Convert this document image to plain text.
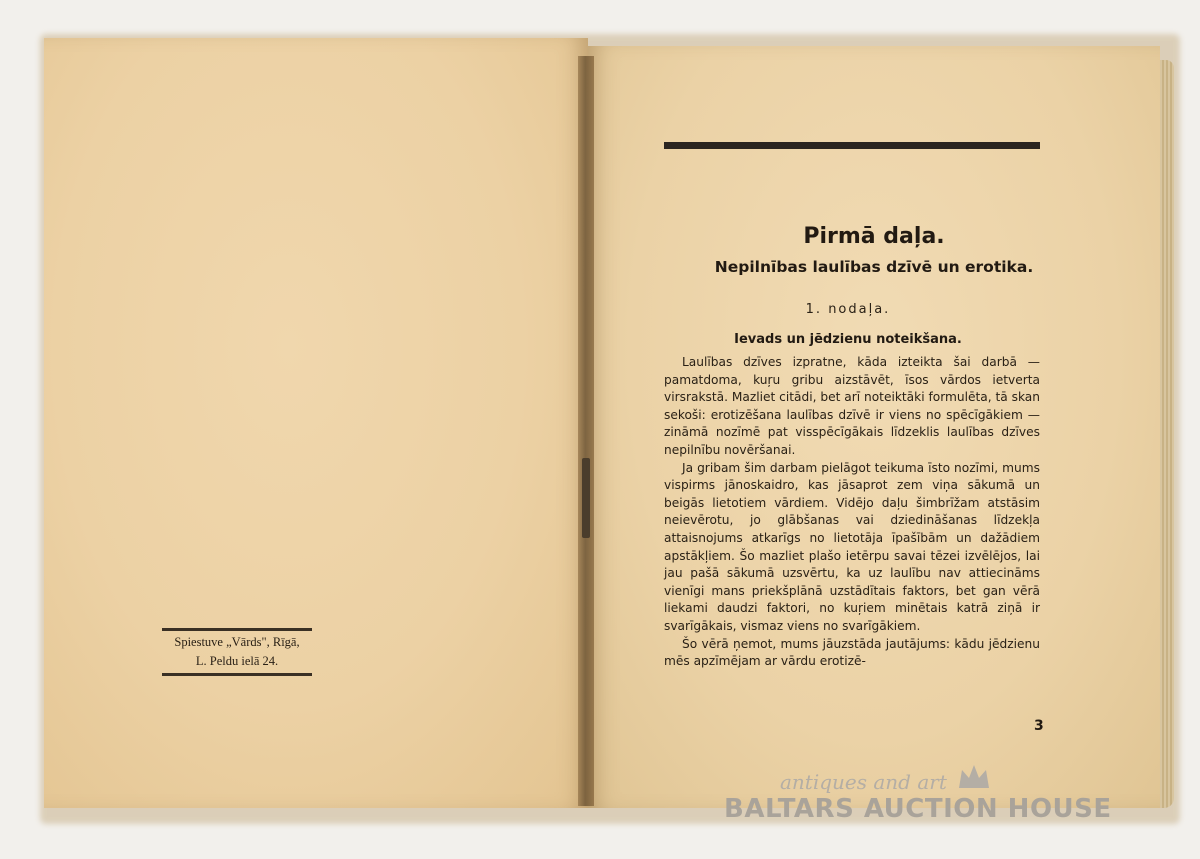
Spiestuve „Vārds", Rīgā,
L. Peldu ielā 24.
Pirmā daļa.
Nepilnības laulības dzīvē un erotika.
1. nodaļa.
Ievads un jēdzienu noteikšana.

Laulības dzīves izpratne, kāda izteikta šai darbā — pamatdoma, kuŗu gribu aizstāvēt, īsos vārdos ietverta virsrakstā. Mazliet citādi, bet arī noteiktāki formulēta, tā skan sekoši: erotizēšana laulības dzīvē ir viens no spēcīgākiem — zināmā nozīmē pat visspēcīgākais līdzeklis laulības dzīves nepilnību novēršanai.

Ja gribam šim darbam pielāgot teikuma īsto nozīmi, mums vispirms jānoskaidro, kas jāsaprot zem viņa sākumā un beigās lietotiem vārdiem. Vidējo daļu šimbrīžam atstāsim neievērotu, jo glābšanas vai dziedināšanas līdzekļa attaisnojums atkarīgs no lietotāja īpašībām un dažādiem apstākļiem. Šo mazliet plašo ietērpu savai tēzei izvēlējos, lai jau pašā sākumā uzsvērtu, ka uz laulību nav attiecināms vienīgi mans priekšplānā uzstādītais faktors, bet gan vērā liekami daudzi faktori, no kuŗiem minētais katrā ziņā ir svarīgākais, vismaz viens no svarīgākiem.

Šo vērā ņemot, mums jāuzstāda jautājums: kādu jēdzienu mēs apzīmējam ar vārdu erotizē-

3
antiques and art
BALTARS AUCTION HOUSE
